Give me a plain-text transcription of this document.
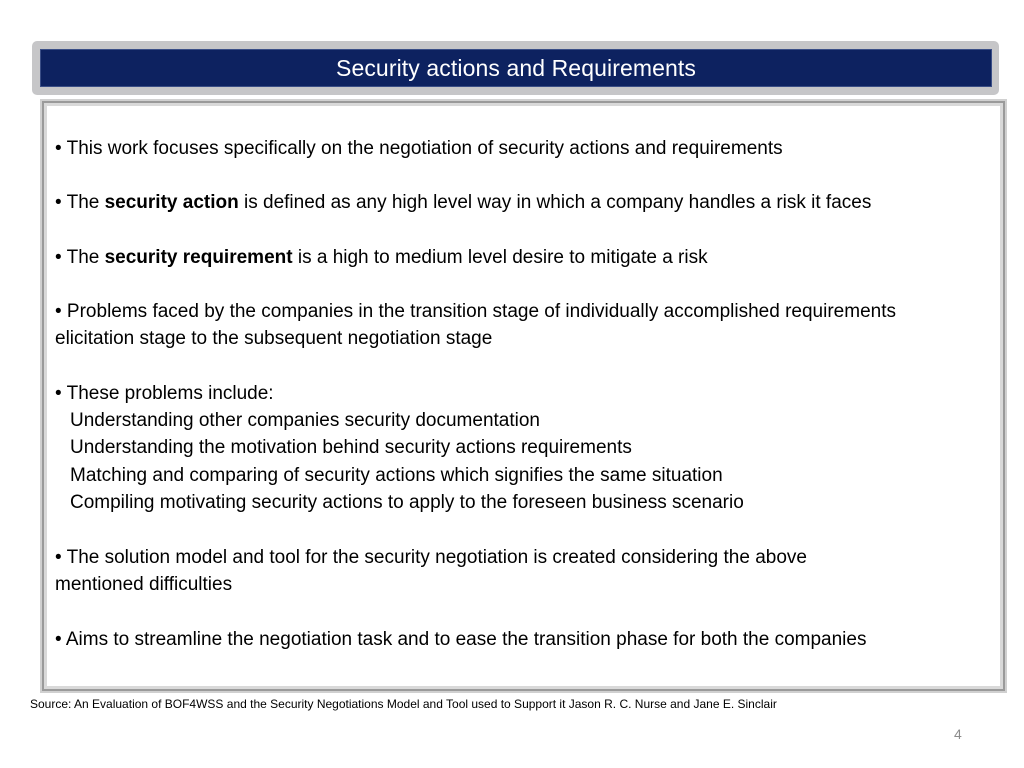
Security actions and Requirements
• This work focuses specifically on the negotiation of security actions and requirements
• The security action is defined as any high level way in which a company handles a risk it faces
• The security requirement is a high to medium level desire to mitigate a risk
• Problems faced by the companies in the transition stage of individually accomplished requirements
elicitation stage to the subsequent negotiation stage
• These problems include:
Understanding other companies security documentation
Understanding the motivation behind security actions requirements
Matching and comparing of security actions which signifies the same situation
Compiling motivating security actions to apply to the foreseen business scenario
• The solution model and tool for the security negotiation is created considering the above
mentioned difficulties
• Aims to streamline the negotiation task and to ease the transition phase for both the companies
Source: An Evaluation of BOF4WSS and the Security Negotiations Model and Tool used to Support it Jason R. C. Nurse and Jane E. Sinclair
4
